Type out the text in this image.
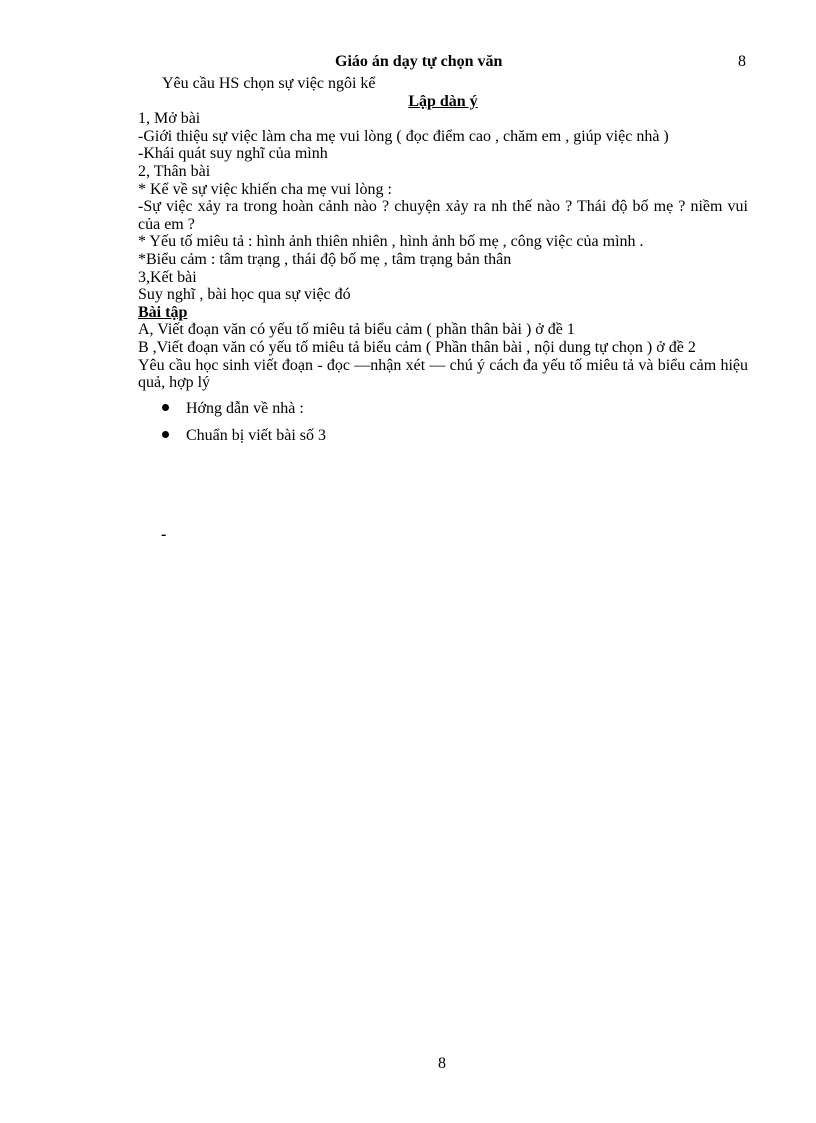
Giáo án dạy tự chọn văn	8

Yêu cầu HS chọn sự việc ngôi kể

Lập dàn ý

1, Mở bài

-Giới thiệu sự việc làm cha mẹ vui lòng ( đọc điểm cao , chăm em , giúp việc nhà )

-Khái quát suy nghĩ của mình

2, Thân bài

* Kể về sự việc khiến cha mẹ vui lòng :

-Sự việc xảy ra trong hoàn cảnh nào ? chuyện xảy ra nh thế nào ? Thái độ bố mẹ ? niềm vui của em ?

* Yếu tố miêu tả : hình ảnh thiên nhiên , hình ảnh bố mẹ , công việc của mình .

*Biểu cảm : tâm trạng , thái độ bố mẹ , tâm trạng bản thân

3,Kết bài

Suy nghĩ , bài học qua sự việc đó

Bài tập

A, Viết đoạn văn có yếu tố miêu tả biểu cảm ( phần thân bài ) ở đề 1

B ,Viết đoạn văn có yếu tố miêu tả biểu cảm ( Phần thân bài , nội dung tự chọn ) ở đề 2

Yêu cầu học sinh viết đoạn - đọc —nhận xét — chú ý cách đa yếu tố miêu tả và biểu cảm hiệu quả, hợp lý

Hớng dẫn về nhà :
Chuẩn bị viết bài số 3
-
8
